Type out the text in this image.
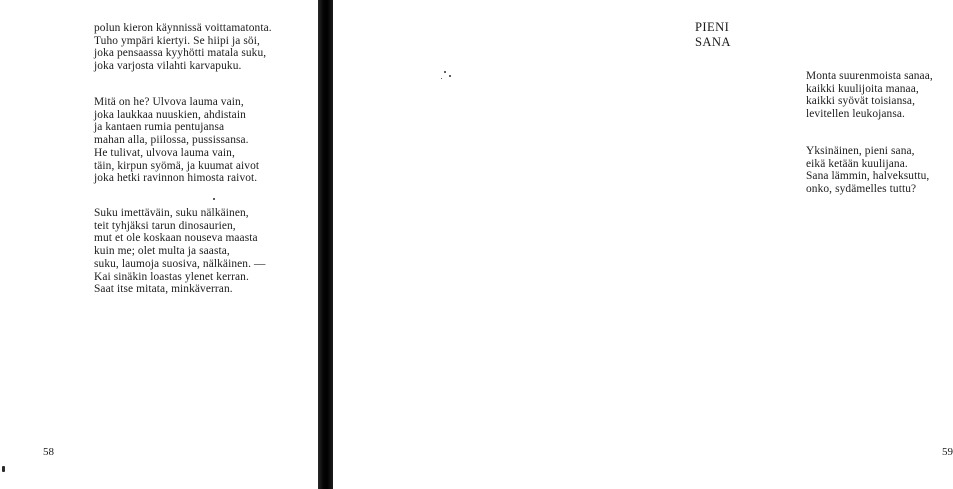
polun kieron käynnissä voittamatonta.
Tuho ympäri kiertyi. Se hiipi ja söi,
joka pensaassa kyyhötti matala suku,
joka varjosta vilahti karvapuku.
Mitä on he? Ulvova lauma vain,
joka laukkaa nuuskien, ahdistain
ja kantaen rumia pentujansa
mahan alla, piilossa, pussissansa.
He tulivat, ulvova lauma vain,
täin, kirpun syömä, ja kuumat aivot
joka hetki ravinnon himosta raivot.
Suku imettäväin, suku nälkäinen,
teit tyhjäksi tarun dinosaurien,
mut et ole koskaan nouseva maasta
kuin me; olet multa ja saasta,
suku, laumoja suosiva, nälkäinen. —
Kai sinäkin loastas ylenet kerran.
Saat itse mitata, minkäverran.

58

PIENI SANA
Monta suurenmoista sanaa,
kaikki kuulijoita manaa,
kaikki syövät toisiansa,
levitellen leukojansa.
Yksinäinen, pieni sana,
eikä ketään kuulijana.
Sana lämmin, halveksuttu,
onko, sydämelles tuttu?

59
